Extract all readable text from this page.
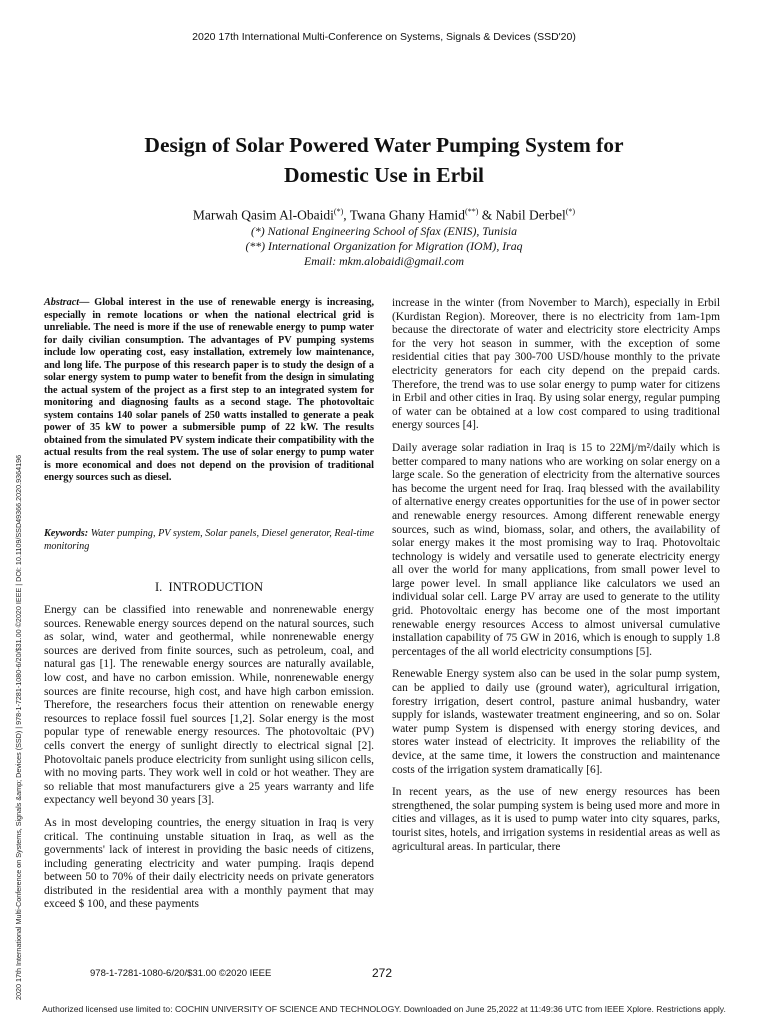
2020 17th International Multi-Conference on Systems, Signals & Devices (SSD'20)
2020 17th International Multi-Conference on Systems, Signals &amp; Devices (SSD) | 978-1-7281-1080-6/20/$31.00 ©2020 IEEE | DOI: 10.1109/SSD49366.2020.9364196
Design of Solar Powered Water Pumping System for
Domestic Use in Erbil
Marwah Qasim Al-Obaidi(*), Twana Ghany Hamid(**) & Nabil Derbel(*)
(*) National Engineering School of Sfax (ENIS), Tunisia
(**) International Organization for Migration (IOM), Iraq
Email: mkm.alobaidi@gmail.com
Abstract— Global interest in the use of renewable energy is increasing, especially in remote locations or when the national electrical grid is unreliable. The need is more if the use of renewable energy to pump water for daily civilian consumption. The advantages of PV pumping systems include low operating cost, easy installation, extremely low maintenance, and long life. The purpose of this research paper is to study the design of a solar energy system to pump water to benefit from the design in simulating the actual system of the project as a first step to an integrated system for monitoring and diagnosing faults as a second stage. The photovoltaic system contains 140 solar panels of 250 watts installed to generate a peak power of 35 kW to power a submersible pump of 22 kW. The results obtained from the simulated PV system indicate their compatibility with the actual results from the real system. The use of solar energy to pump water is more economical and does not depend on the provision of traditional energy sources such as diesel.
Keywords: Water pumping, PV system, Solar panels, Diesel generator, Real-time monitoring
I. INTRODUCTION

Energy can be classified into renewable and nonrenewable energy sources. Renewable energy sources depend on the natural sources, such as solar, wind, water and geothermal, while nonrenewable energy sources are derived from finite sources, such as petroleum, coal, and natural gas [1]. The renewable energy sources are naturally available, low cost, and have no carbon emission. While, nonrenewable energy sources are finite recourse, high cost, and have high carbon emission. Therefore, the researchers focus their attention on renewable energy resources to replace fossil fuel sources [1,2]. Solar energy is the most popular type of renewable energy resources. The photovoltaic (PV) cells convert the energy of sunlight directly to electrical signal [2]. Photovoltaic panels produce electricity from sunlight using silicon cells, with no moving parts. They work well in cold or hot weather. They are so reliable that most manufacturers give a 25 years warranty and life expectancy well beyond 30 years [3].

As in most developing countries, the energy situation in Iraq is very critical. The continuing unstable situation in Iraq, as well as the governments' lack of interest in providing the basic needs of citizens, including generating electricity and water pumping. Iraqis depend between 50 to 70% of their daily electricity needs on private generators distributed in the residential area with a monthly payment that may exceed $ 100, and these payments

increase in the winter (from November to March), especially in Erbil (Kurdistan Region). Moreover, there is no electricity from 1am-1pm because the directorate of water and electricity store electricity Amps for the very hot season in summer, with the exception of some residential cities that pay 300-700 USD/house monthly to the private electricity generators for each city depend on the prepaid cards. Therefore, the trend was to use solar energy to pump water for citizens in Erbil and other cities in Iraq. By using solar energy, regular pumping of water can be obtained at a low cost compared to using traditional energy sources [4].

Daily average solar radiation in Iraq is 15 to 22Mj/m²/daily which is better compared to many nations who are working on solar energy on a large scale. So the generation of electricity from the alternative sources has become the urgent need for Iraq. Iraq blessed with the availability of alternative energy creates opportunities for the use of in power sector and renewable energy resources. Among different renewable energy sources, such as wind, biomass, solar, and others, the availability of solar energy makes it the most promising way to Iraq. Photovoltaic technology is widely and versatile used to generate electricity energy all over the world for many applications, from small power level to large power level. In small appliance like calculators we used an individual solar cell. Large PV array are used to generate to the utility grid. Photovoltaic energy has become one of the most important renewable energy resources Access to almost universal cumulative installation capability of 75 GW in 2016, which is enough to supply 1.8 percentages of the all world electricity consumptions [5].

Renewable Energy system also can be used in the solar pump system, can be applied to daily use (ground water), agricultural irrigation, forestry irrigation, desert control, pasture animal husbandry, water supply for islands, wastewater treatment engineering, and so on. Solar water pump System is dispensed with energy storing devices, and stores water instead of electricity. It improves the reliability of the device, at the same time, it lowers the construction and maintenance costs of the irrigation system dramatically [6].

In recent years, as the use of new energy resources has been strengthened, the solar pumping system is being used more and more in cities and villages, as it is used to pump water into city squares, parks, tourist sites, hotels, and irrigation systems in residential areas as well as agricultural areas. In particular, there

978-1-7281-1080-6/20/$31.00 ©2020 IEEE	272
Authorized licensed use limited to: COCHIN UNIVERSITY OF SCIENCE AND TECHNOLOGY. Downloaded on June 25,2022 at 11:49:36 UTC from IEEE Xplore. Restrictions apply.
